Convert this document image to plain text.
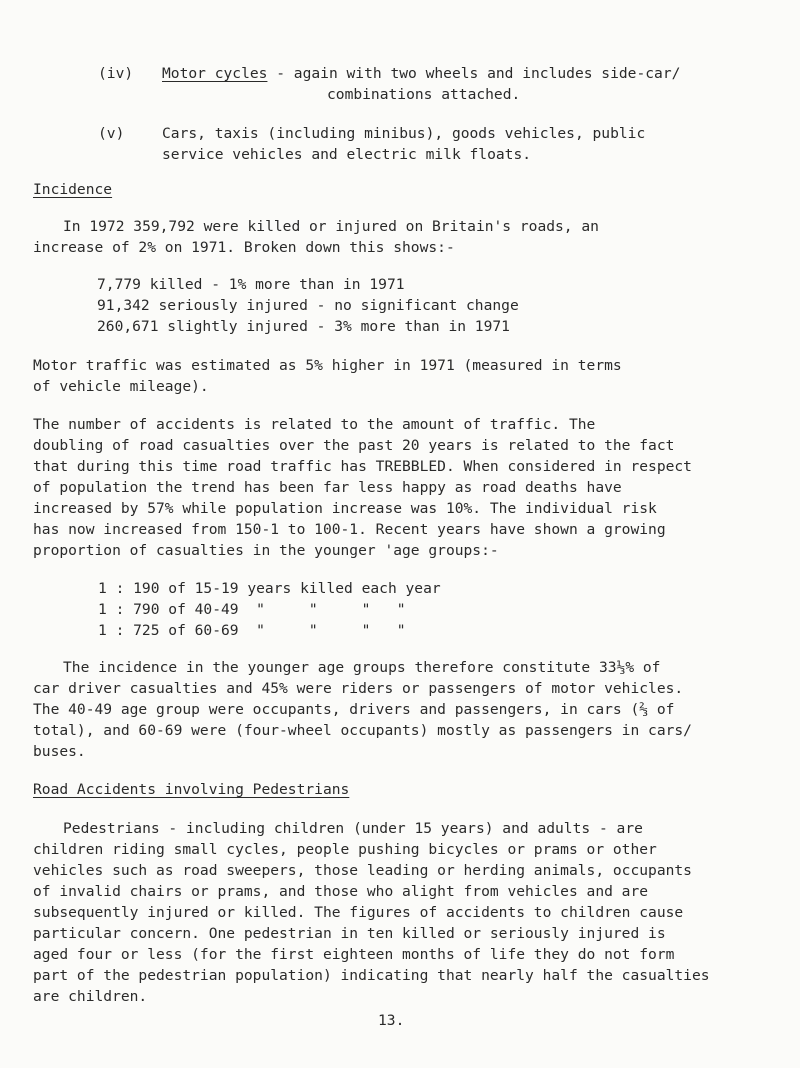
(iv) Motor cycles - again with two wheels and includes side-car/
combinations attached.
(v)	Cars, taxis (including minibus), goods vehicles, public
service vehicles and electric milk floats.
Incidence
In 1972 359,792 were killed or injured on Britain's roads, an
increase of 2% on 1971. Broken down this shows:-
7,779 killed - 1% more than in 1971
91,342 seriously injured - no significant change
260,671 slightly injured - 3% more than in 1971
Motor traffic was estimated as 5% higher in 1971 (measured in terms
of vehicle mileage).
The number of accidents is related to the amount of traffic. The
doubling of road casualties over the past 20 years is related to the fact
that during this time road traffic has TREBBLED. When considered in respect
of population the trend has been far less happy as road deaths have
increased by 57% while population increase was 10%. The individual risk
has now increased from 150-1 to 100-1. Recent years have shown a growing
proportion of casualties in the younger 'age groups:-
1 : 190 of 15-19 years killed each year
1 : 790 of 40-49  "     "     "   "
1 : 725 of 60-69  "     "     "   "
The incidence in the younger age groups therefore constitute 33⅓% of
car driver casualties and 45% were riders or passengers of motor vehicles.
The 40-49 age group were occupants, drivers and passengers, in cars (⅔ of
total), and 60-69 were (four-wheel occupants) mostly as passengers in cars/
buses.
Road Accidents involving Pedestrians
Pedestrians - including children (under 15 years) and adults - are
children riding small cycles, people pushing bicycles or prams or other
vehicles such as road sweepers, those leading or herding animals, occupants
of invalid chairs or prams, and those who alight from vehicles and are
subsequently injured or killed. The figures of accidents to children cause
particular concern. One pedestrian in ten killed or seriously injured is
aged four or less (for the first eighteen months of life they do not form
part of the pedestrian population) indicating that nearly half the casualties
are children.
13.
